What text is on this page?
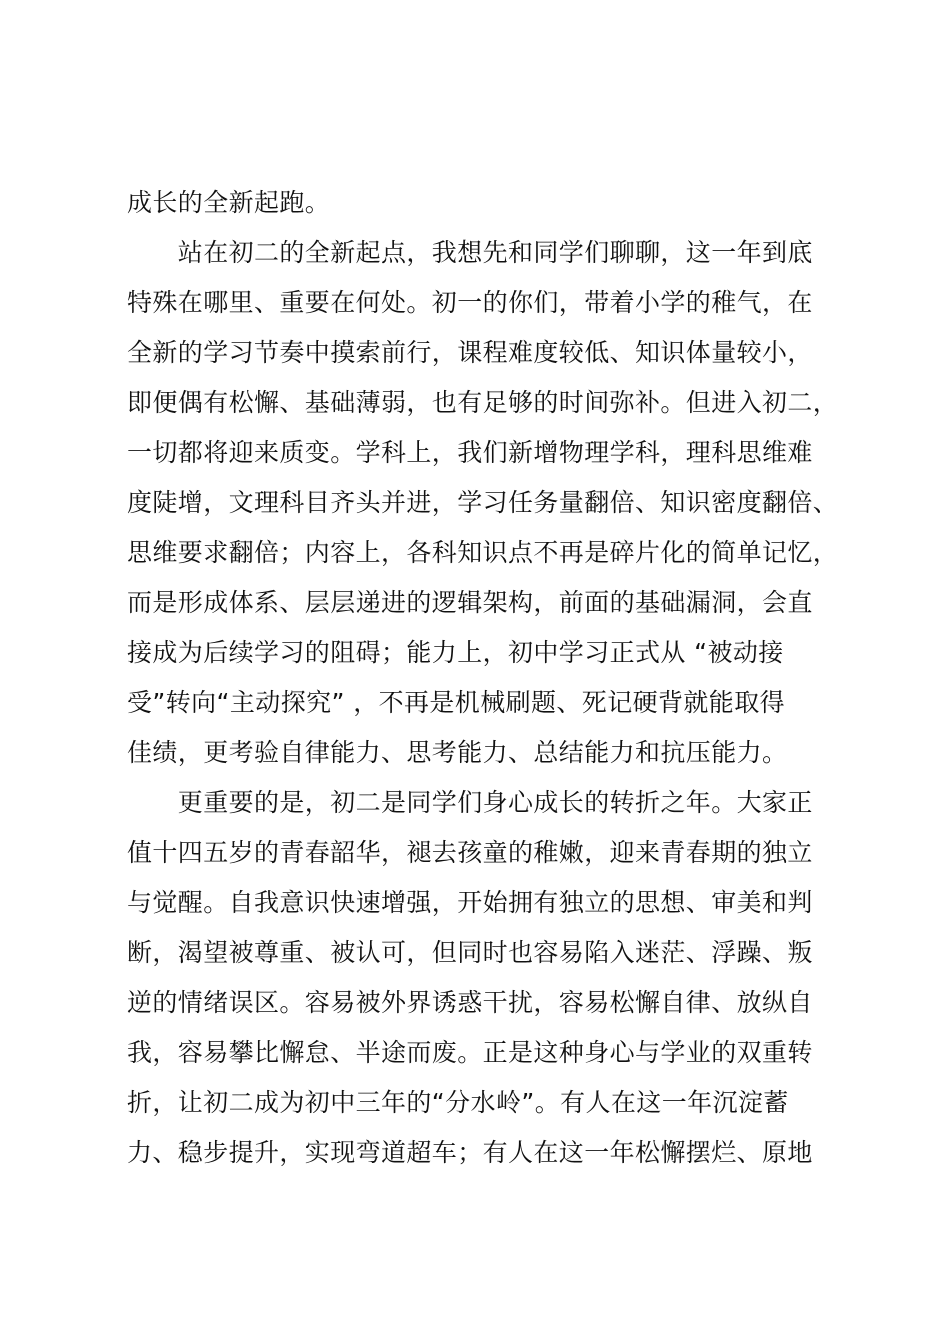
成长的全新起跑。
　　站在初二的全新起点，我想先和同学们聊聊，这一年到底
特殊在哪里、重要在何处。初一的你们，带着小学的稚气，在
全新的学习节奏中摸索前行，课程难度较低、知识体量较小，
即便偶有松懈、基础薄弱，也有足够的时间弥补。但进入初二，
一切都将迎来质变。学科上，我们新增物理学科，理科思维难
度陡增，文理科目齐头并进，学习任务量翻倍、知识密度翻倍、
思维要求翻倍；内容上，各科知识点不再是碎片化的简单记忆，
而是形成体系、层层递进的逻辑架构，前面的基础漏洞，会直
接成为后续学习的阻碍；能力上，初中学习正式从 “被动接
受”转向“主动探究” ，不再是机械刷题、死记硬背就能取得
佳绩，更考验自律能力、思考能力、总结能力和抗压能力。
　　更重要的是，初二是同学们身心成长的转折之年。大家正
值十四五岁的青春韶华，褪去孩童的稚嫩，迎来青春期的独立
与觉醒。自我意识快速增强，开始拥有独立的思想、审美和判
断，渴望被尊重、被认可，但同时也容易陷入迷茫、浮躁、叛
逆的情绪误区。容易被外界诱惑干扰，容易松懈自律、放纵自
我，容易攀比懈怠、半途而废。正是这种身心与学业的双重转
折，让初二成为初中三年的“分水岭”。有人在这一年沉淀蓄
力、稳步提升，实现弯道超车；有人在这一年松懈摆烂、原地
